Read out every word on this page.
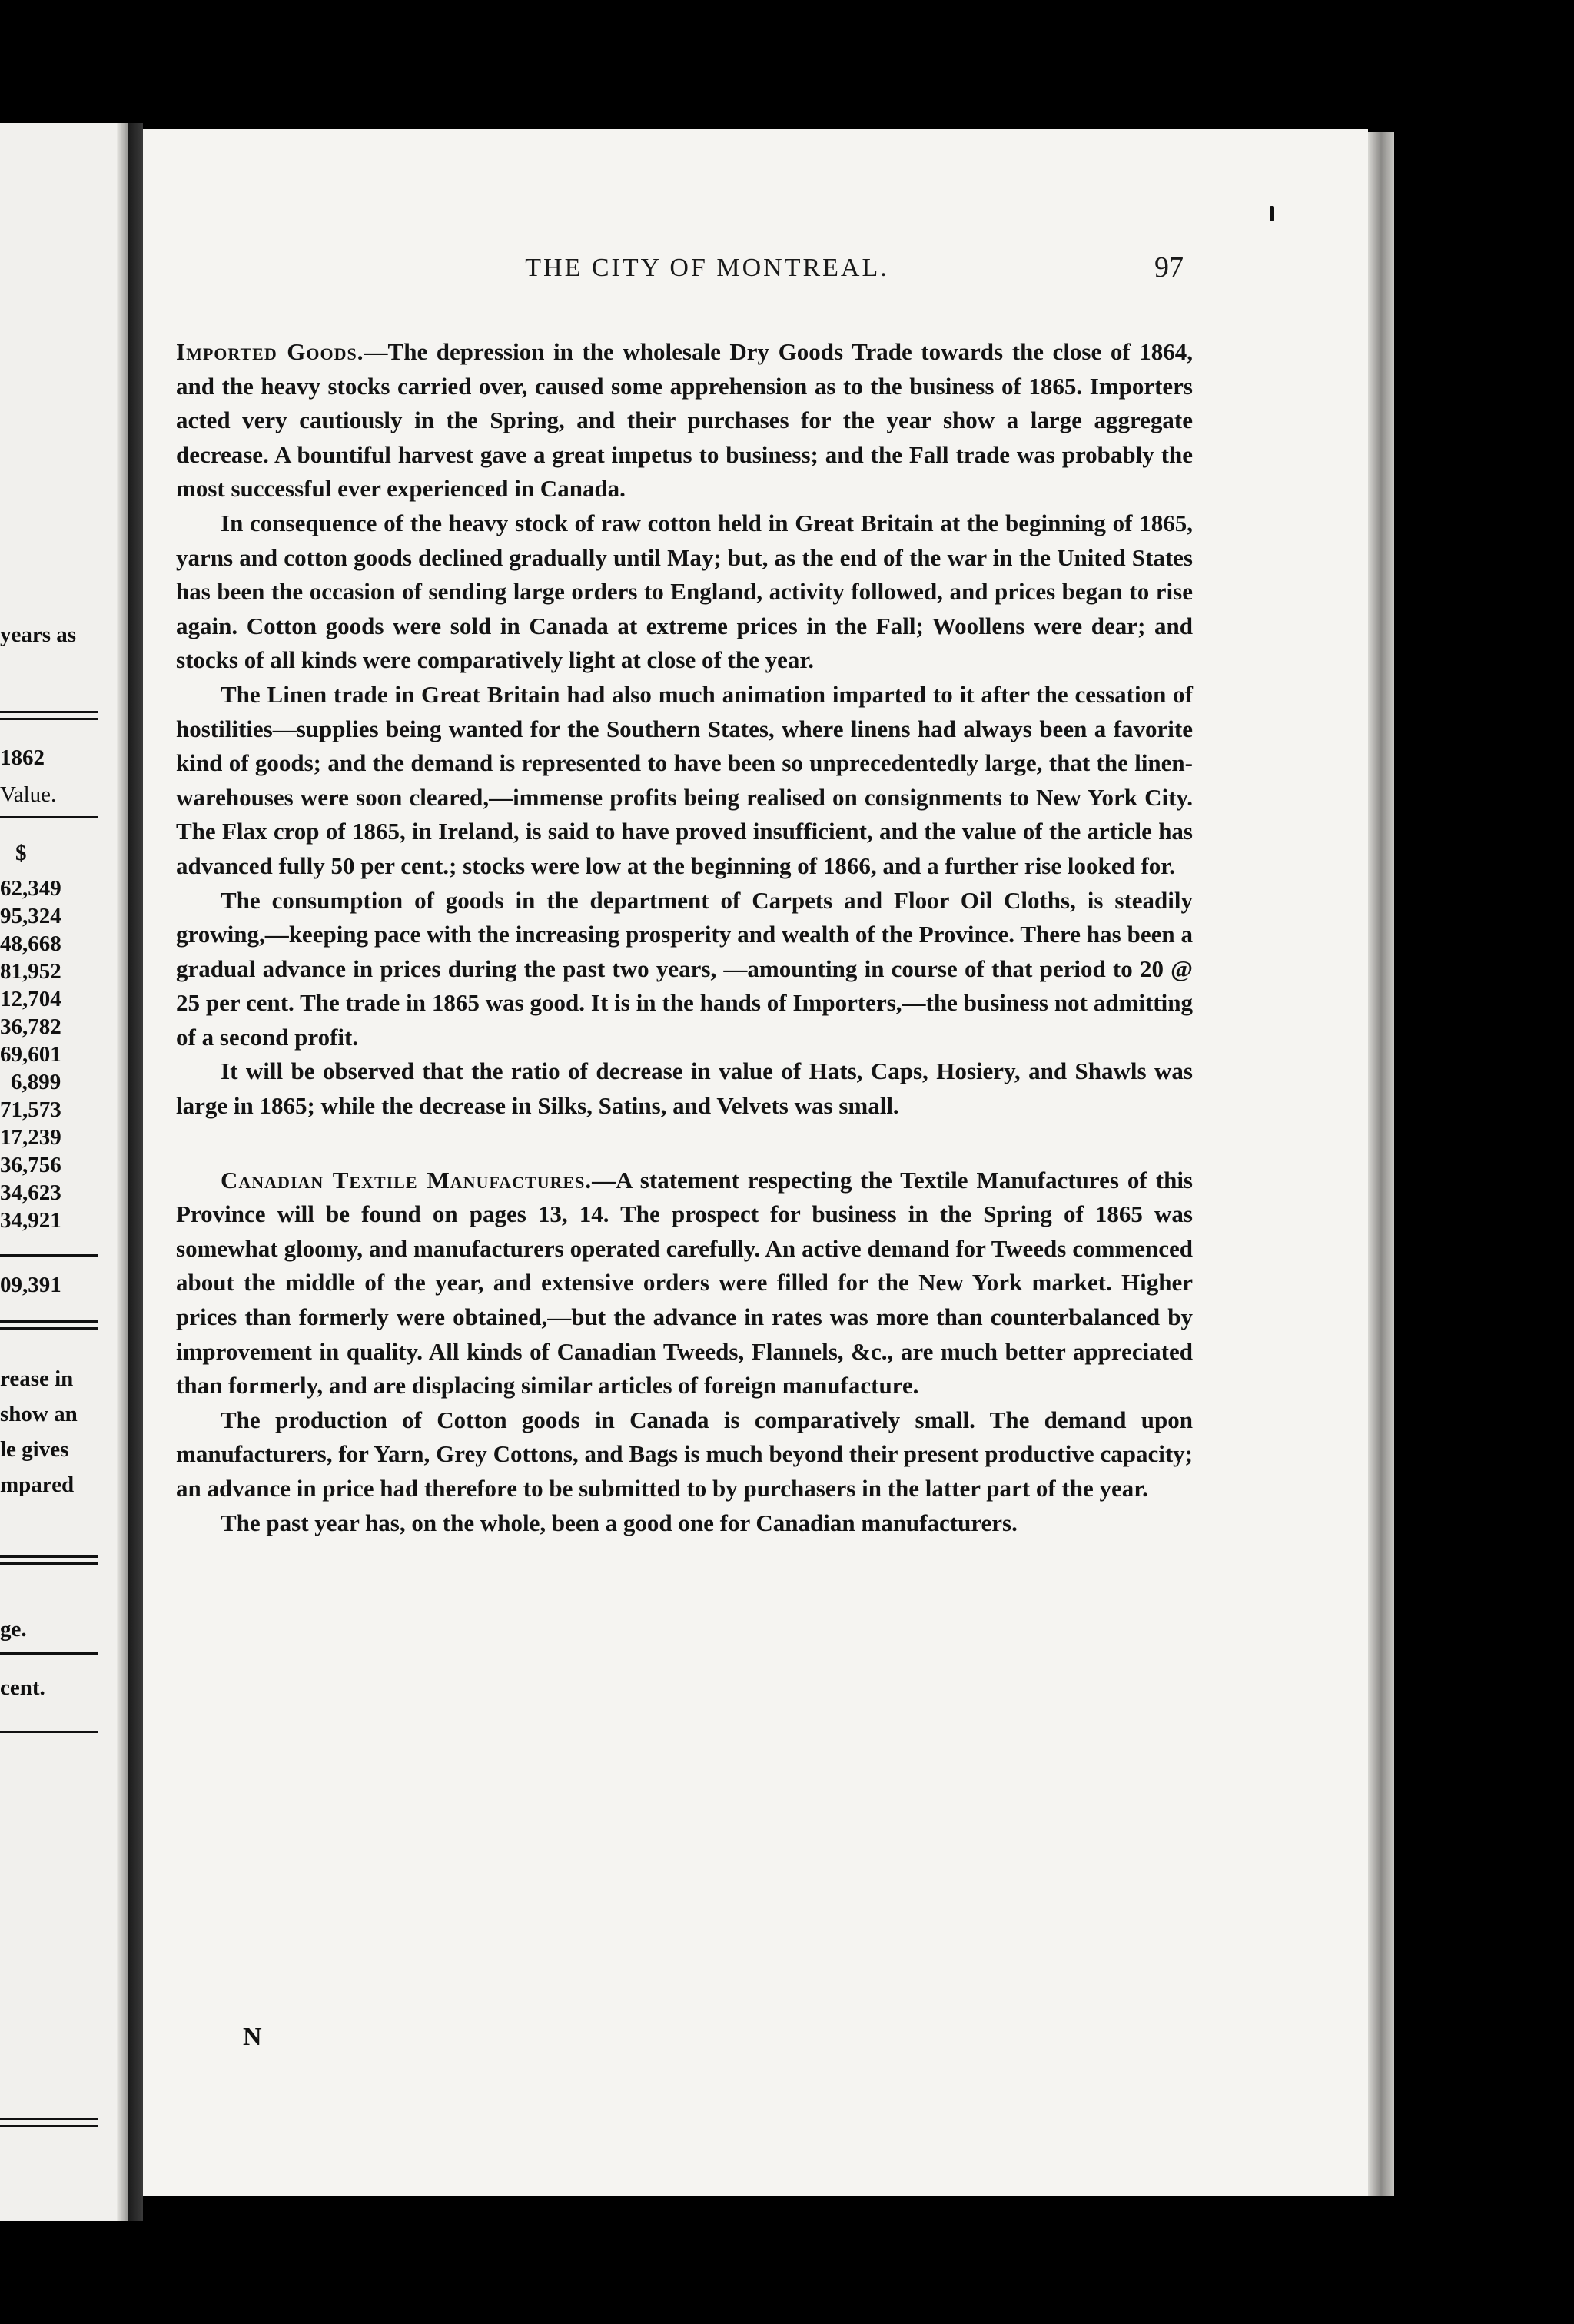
years as
1862
Value.
$
62,349
95,324
48,668
81,952
12,704
36,782
69,601
6,899
71,573
17,239
36,756
34,623
34,921
09,391
rease in
show an
le gives
mpared
ge.
cent.
THE CITY OF MONTREAL.	97

Imported Goods.—The depression in the wholesale Dry Goods Trade towards the close of 1864, and the heavy stocks carried over, caused some apprehension as to the business of 1865. Importers acted very cautiously in the Spring, and their purchases for the year show a large aggregate decrease. A bountiful harvest gave a great impetus to business; and the Fall trade was probably the most successful ever experienced in Canada.

In consequence of the heavy stock of raw cotton held in Great Britain at the beginning of 1865, yarns and cotton goods declined gradually until May; but, as the end of the war in the United States has been the occasion of sending large orders to England, activity followed, and prices began to rise again. Cotton goods were sold in Canada at extreme prices in the Fall; Woollens were dear; and stocks of all kinds were comparatively light at close of the year.

The Linen trade in Great Britain had also much animation imparted to it after the cessation of hostilities—supplies being wanted for the Southern States, where linens had always been a favorite kind of goods; and the demand is represented to have been so unprecedentedly large, that the linen-warehouses were soon cleared,—immense profits being realised on consignments to New York City. The Flax crop of 1865, in Ireland, is said to have proved insufficient, and the value of the article has advanced fully 50 per cent.; stocks were low at the beginning of 1866, and a further rise looked for.

The consumption of goods in the department of Carpets and Floor Oil Cloths, is steadily growing,—keeping pace with the increasing prosperity and wealth of the Province. There has been a gradual advance in prices during the past two years, —amounting in course of that period to 20 @ 25 per cent. The trade in 1865 was good. It is in the hands of Importers,—the business not admitting of a second profit.

It will be observed that the ratio of decrease in value of Hats, Caps, Hosiery, and Shawls was large in 1865; while the decrease in Silks, Satins, and Velvets was small.

Canadian Textile Manufactures.—A statement respecting the Textile Manufactures of this Province will be found on pages 13, 14. The prospect for business in the Spring of 1865 was somewhat gloomy, and manufacturers operated carefully. An active demand for Tweeds commenced about the middle of the year, and extensive orders were filled for the New York market. Higher prices than formerly were obtained,—but the advance in rates was more than counterbalanced by improvement in quality. All kinds of Canadian Tweeds, Flannels, &c., are much better appreciated than formerly, and are displacing similar articles of foreign manufacture.

The production of Cotton goods in Canada is comparatively small. The demand upon manufacturers, for Yarn, Grey Cottons, and Bags is much beyond their present productive capacity; an advance in price had therefore to be submitted to by purchasers in the latter part of the year.

The past year has, on the whole, been a good one for Canadian manufacturers.

N
